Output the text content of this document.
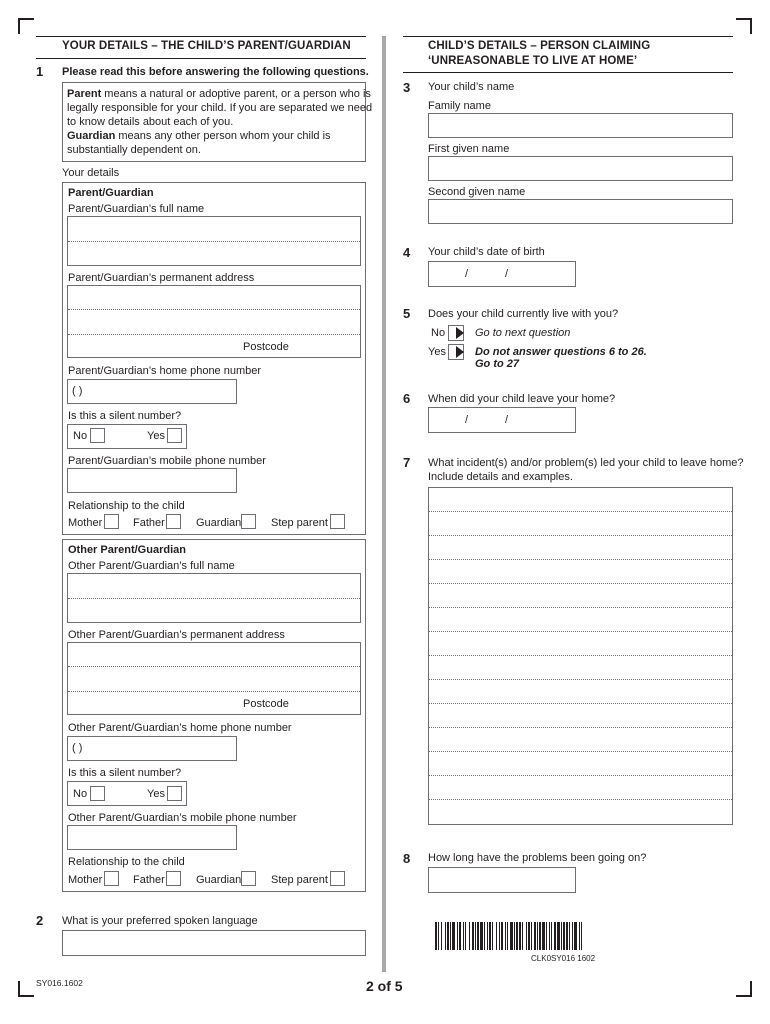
YOUR DETAILS – THE CHILD’S PARENT/GUARDIAN
1 Please read this before answering the following questions.
Parent means a natural or adoptive parent, or a person who is
legally responsible for your child. If you are separated we need
to know details about each of you.
Guardian means any other person whom your child is
substantially dependent on.
Your details
Parent/Guardian
Parent/Guardian’s full name
Parent/Guardian’s permanent address
Postcode
Parent/Guardian’s home phone number
( )
Is this a silent number?
No	Yes
Parent/Guardian’s mobile phone number
Relationship to the child
Mother	Father	Guardian	Step parent
Other Parent/Guardian
Other Parent/Guardian’s full name
Other Parent/Guardian’s permanent address
Postcode
Other Parent/Guardian’s home phone number
( )
Is this a silent number?
No	Yes
Other Parent/Guardian’s mobile phone number
Relationship to the child
Mother	Father	Guardian	Step parent
2 What is your preferred spoken language
CHILD’S DETAILS – PERSON CLAIMING
‘UNREASONABLE TO LIVE AT HOME’
3 Your child’s name
Family name
First given name
Second given name
4 Your child’s date of birth
/	/
5 Does your child currently live with you?
No	Go to next question
Yes	Do not answer questions 6 to 26.
Go to 27
6 When did your child leave your home?
/	/
7 What incident(s) and/or problem(s) led your child to leave home?
Include details and examples.
8 How long have the problems been going on?
CLK0SY016 1602
SY016.1602	2 of 5
